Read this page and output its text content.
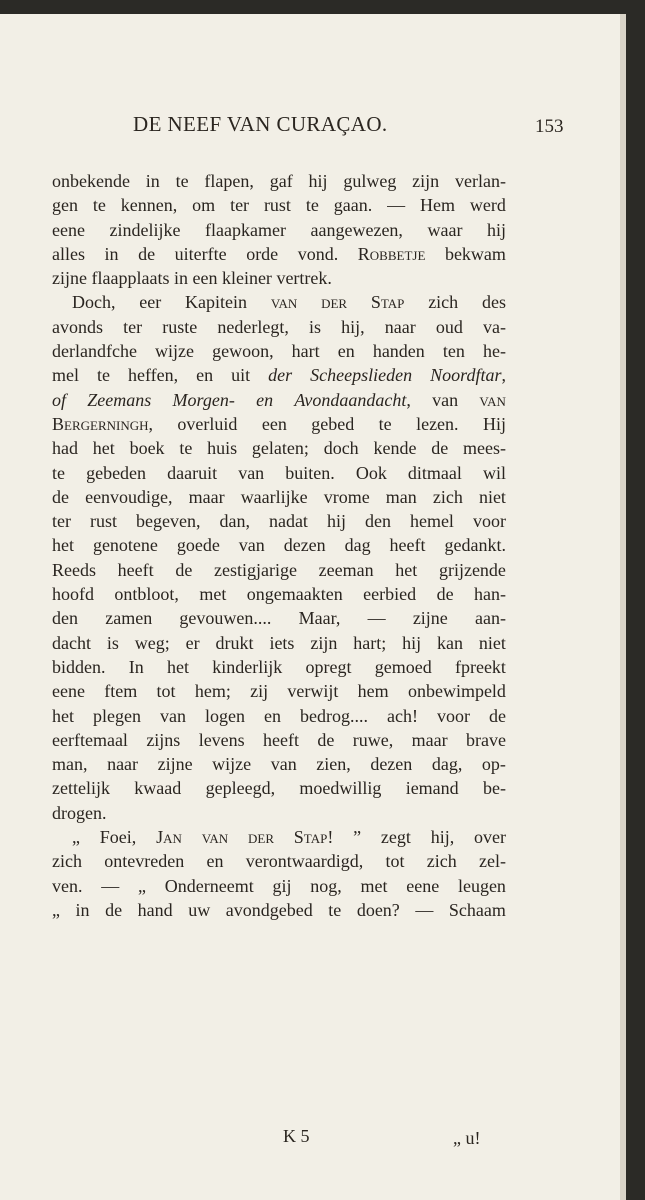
DE NEEF VAN CURAÇAO.	153
onbekende in te flapen, gaf hij gulweg zijn verlan-
gen te kennen, om ter rust te gaan. — Hem werd
eene zindelijke flaapkamer aangewezen, waar hij
alles in de uiterfte orde vond. Robbetje bekwam
zijne
flaapplaats
in
een
kleiner
vertrek.

Doch, eer Kapitein van der Stap zich des
avonds ter ruste nederlegt, is hij, naar oud va-
derlandfche wijze gewoon, hart en handen ten he-
mel te heffen, en uit der Scheepslieden Noordftar,
of Zeemans Morgen- en Avondaandacht, van van
Bergerningh, overluid een gebed te lezen. Hij
had het boek te huis gelaten; doch kende de mees-
te gebeden daaruit van buiten. Ook ditmaal wil
de eenvoudige, maar waarlijke vrome man zich niet
ter rust begeven, dan, nadat hij den hemel voor
het genotene goede van dezen dag heeft gedankt.
Reeds heeft de zestigjarige zeeman het grijzende
hoofd ontbloot, met ongemaakten eerbied de han-
den zamen gevouwen.... Maar, — zijne aan-
dacht is weg; er drukt iets zijn hart; hij kan niet
bidden. In het kinderlijk opregt gemoed fpreekt
eene ftem tot hem; zij verwijt hem onbewimpeld
het plegen van logen en bedrog.... ach! voor de
eerftemaal zijns levens heeft de ruwe, maar brave
man, naar zijne wijze van zien, dezen dag, op-
zettelijk kwaad gepleegd, moedwillig iemand be-
drogen.

„ Foei, Jan van der Stap! ” zegt hij, over
zich ontevreden en verontwaardigd, tot zich zel-
ven. — „ Onderneemt gij nog, met eene leugen
„ in de hand uw avondgebed te doen? — Schaam
K 5	„ u!
